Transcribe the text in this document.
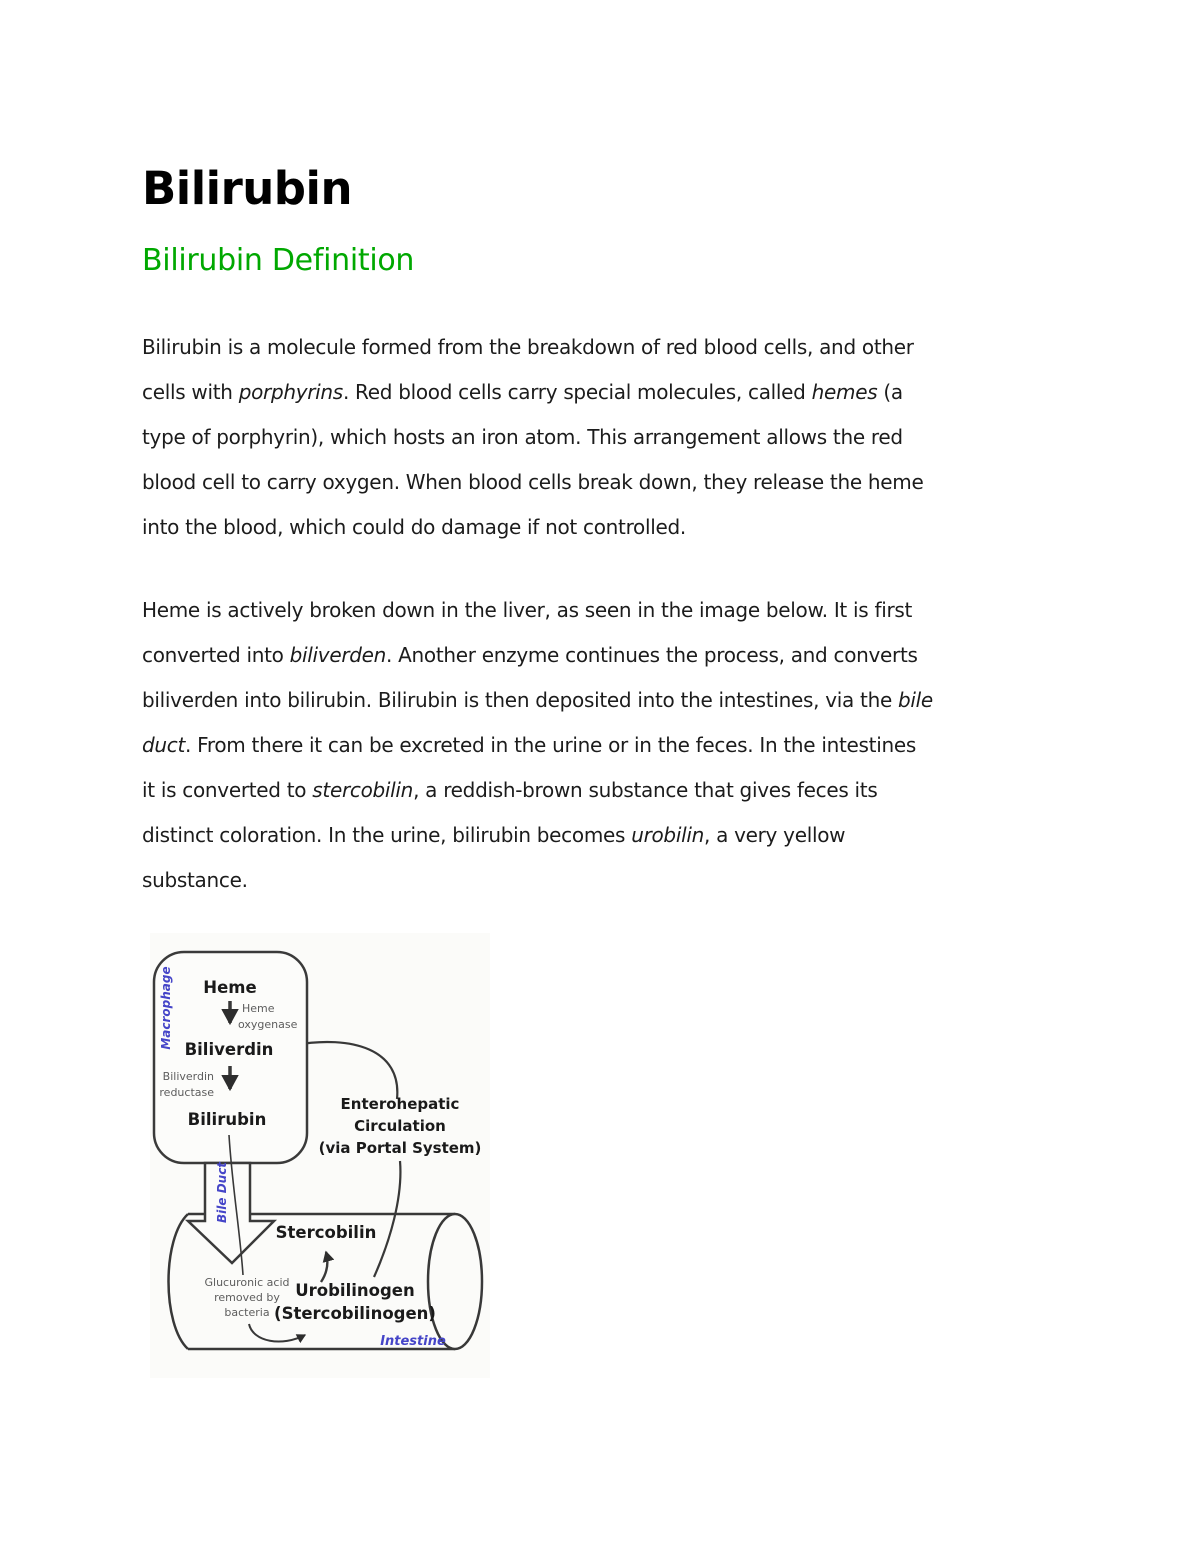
Bilirubin
Bilirubin Definition
Bilirubin is a molecule formed from the breakdown of red blood cells, and other
cells with porphyrins. Red blood cells carry special molecules, called hemes (a
type of porphyrin), which hosts an iron atom. This arrangement allows the red
blood cell to carry oxygen. When blood cells break down, they release the heme
into the blood, which could do damage if not controlled.
Heme is actively broken down in the liver, as seen in the image below. It is first
converted into biliverden. Another enzyme continues the process, and converts
biliverden into bilirubin. Bilirubin is then deposited into the intestines, via the bile
duct. From there it can be excreted in the urine or in the feces. In the intestines
it is converted to stercobilin, a reddish-brown substance that gives feces its
distinct coloration. In the urine, bilirubin becomes urobilin, a very yellow
substance.
Enterohepatic
Circulation
(via Portal System)
Stercobilin
Urobilinogen
(Stercobilinogen)
Glucuronic acid
removed by
bacteria
Intestine
Macrophage
Bile Duct
Heme
Heme
oxygenase
Biliverdin
Biliverdin
reductase
Bilirubin
